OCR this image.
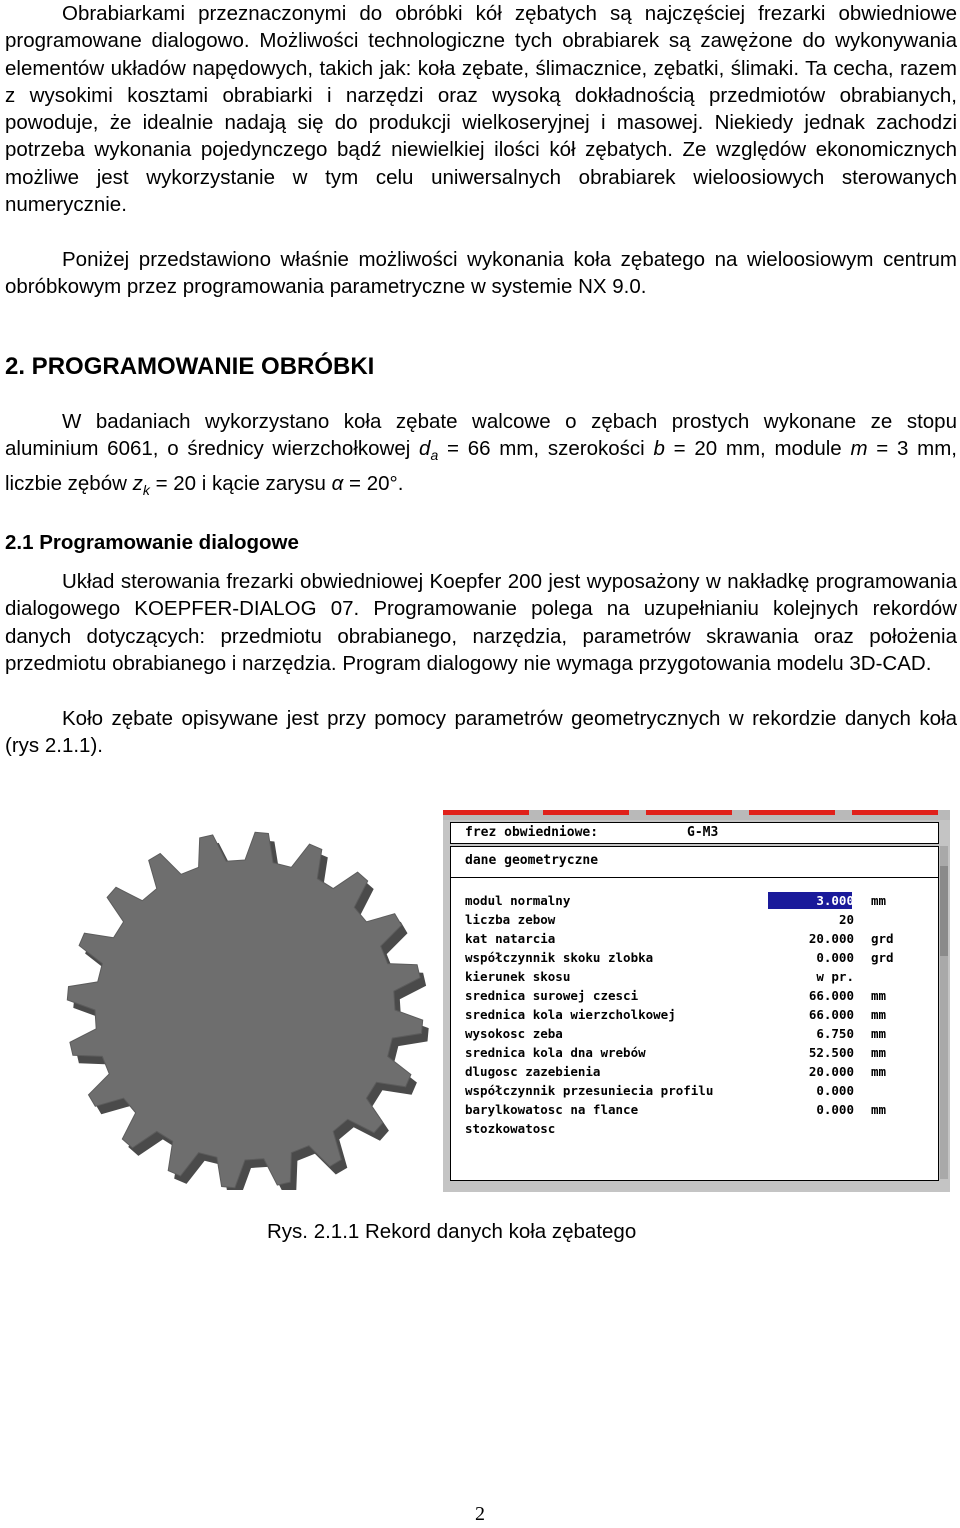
Obrabiarkami przeznaczonymi do obróbki kół zębatych są najczęściej frezarki obwiedniowe programowane dialogowo. Możliwości technologiczne tych obrabiarek są zawężone do wykonywania elementów układów napędowych, takich jak: koła zębate, ślimacznice, zębatki, ślimaki. Ta cecha, razem z wysokimi kosztami obrabiarki i narzędzi oraz wysoką dokładnością przedmiotów obrabianych, powoduje, że idealnie nadają się do produkcji wielkoseryjnej i masowej. Niekiedy jednak zachodzi potrzeba wykonania pojedynczego bądź niewielkiej ilości kół zębatych. Ze względów ekonomicznych możliwe jest wykorzystanie w tym celu uniwersalnych obrabiarek wieloosiowych sterowanych numerycznie.

Poniżej przedstawiono właśnie możliwości wykonania koła zębatego na wieloosiowym centrum obróbkowym przez programowania parametryczne w systemie NX 9.0.

2. PROGRAMOWANIE OBRÓBKI

W badaniach wykorzystano koła zębate walcowe o zębach prostych wykonane ze stopu aluminium 6061, o średnicy wierzchołkowej $d_a = 66$ mm, szerokości b = 20 mm, module m = 3 mm, liczbie zębów $z_k = 20$ i kącie zarysu α = 20°.

2.1 Programowanie dialogowe

Układ sterowania frezarki obwiedniowej Koepfer 200 jest wyposażony w nakładkę programowania dialogowego KOEPFER-DIALOG 07. Programowanie polega na uzupełnianiu kolejnych rekordów danych dotyczących: przedmiotu obrabianego, narzędzia, parametrów skrawania oraz położenia przedmiotu obrabianego i narzędzia. Program dialogowy nie wymaga przygotowania modelu 3D-CAD.

Koło zębate opisywane jest przy pomocy parametrów geometrycznych w rekordzie danych koła (rys 2.1.1).

frez obwiedniowe:	G-M3
dane geometryczne
modul normalny	3.000 mm
liczba zebow	20
kat natarcia	20.000 grd
współczynnik skoku zlobka	0.000 grd
kierunek skosu	w pr.
srednica surowej czesci	66.000 mm
srednica kola wierzcholkowej	66.000 mm
wysokosc zeba	6.750 mm
srednica kola dna wrebów	52.500 mm
dlugosc zazebienia	20.000 mm
współczynnik przesuniecia profilu	0.000
barylkowatosc na flance	0.000 mm
stozkowatosc

Rys. 2.1.1 Rekord danych koła zębatego

2
